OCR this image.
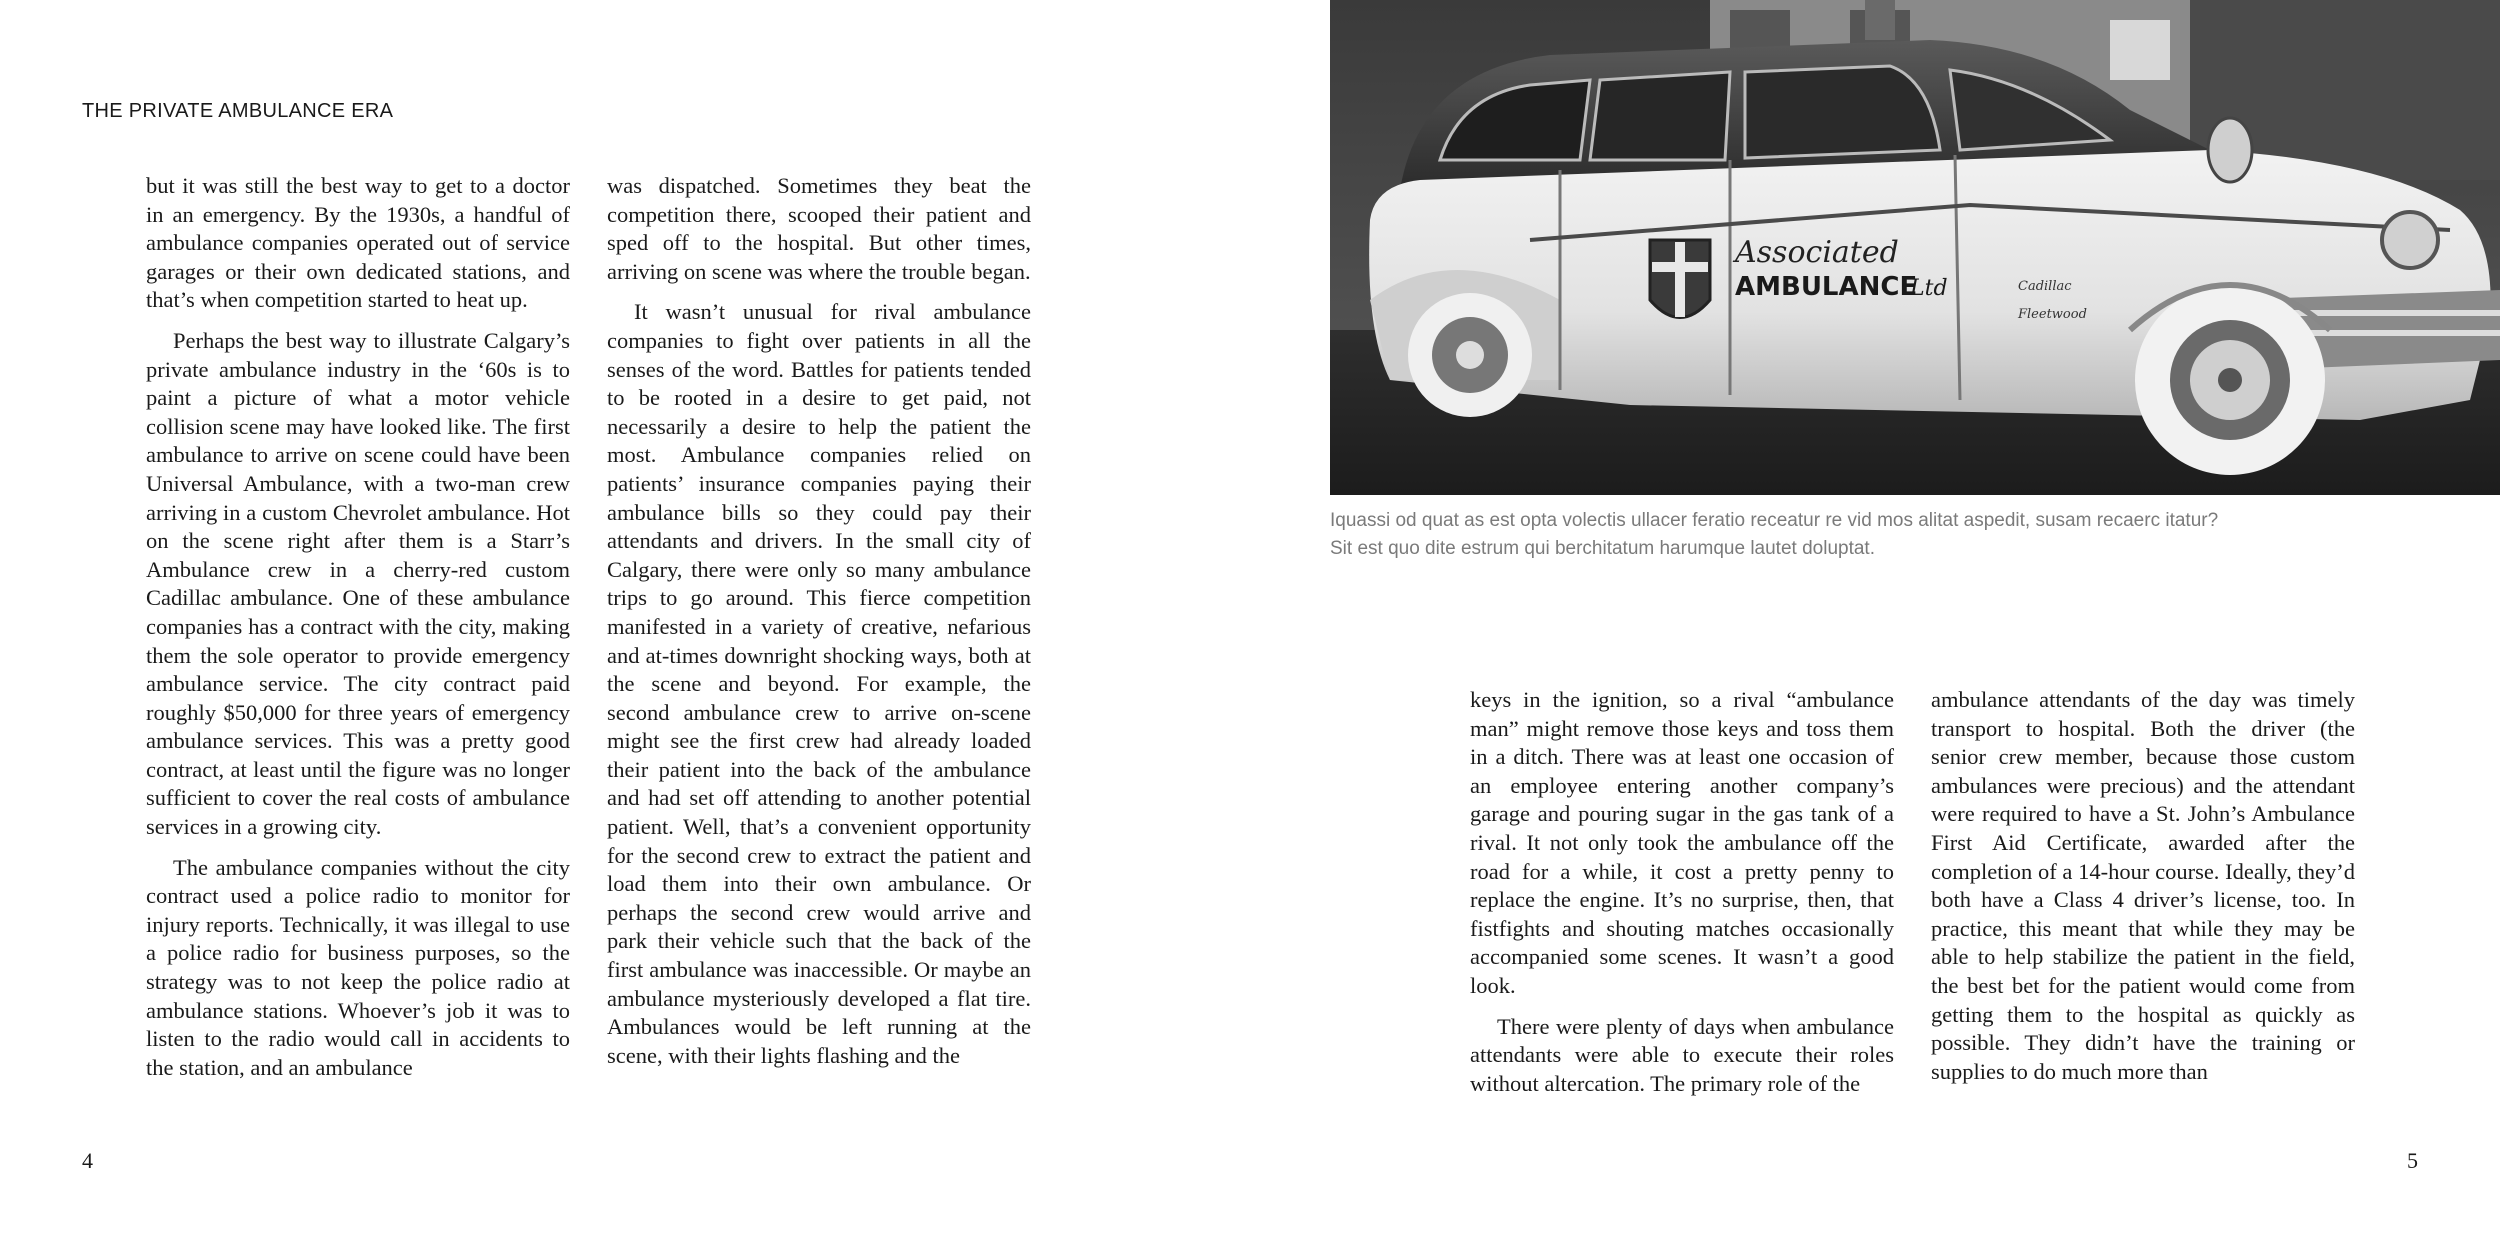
THE PRIVATE AMBULANCE ERA

but it was still the best way to get to a doctor in an emergency. By the 1930s, a handful of ambulance companies operated out of service garages or their own dedicated stations, and that’s when competition started to heat up.

Perhaps the best way to illustrate Calgary’s private ambulance industry in the ‘60s is to paint a picture of what a motor vehicle collision scene may have looked like. The first ambulance to arrive on scene could have been Universal Ambulance, with a two-man crew arriving in a custom Chevrolet ambulance. Hot on the scene right after them is a Starr’s Ambulance crew in a cherry-red custom Cadillac ambulance. One of these ambulance companies has a contract with the city, making them the sole operator to provide emergency ambulance service. The city contract paid roughly $50,000 for three years of emergency ambulance services. This was a pretty good contract, at least until the figure was no longer sufficient to cover the real costs of ambulance services in a growing city.

The ambulance companies without the city contract used a police radio to monitor for injury reports. Technically, it was illegal to use a police radio for business purposes, so the strategy was to not keep the police radio at ambulance stations. Whoever’s job it was to listen to the radio would call in accidents to the station, and an ambulance

was dispatched. Sometimes they beat the competition there, scooped their patient and sped off to the hospital. But other times, arriving on scene was where the trouble began.

It wasn’t unusual for rival ambulance companies to fight over patients in all the senses of the word. Battles for patients tended to be rooted in a desire to get paid, not necessarily a desire to help the patient the most. Ambulance companies relied on patients’ insurance companies paying their ambulance bills so they could pay their attendants and drivers. In the small city of Calgary, there were only so many ambulance trips to go around. This fierce competition manifested in a variety of creative, nefarious and at-times downright shocking ways, both at the scene and beyond. For example, the second ambulance crew to arrive on-scene might see the first crew had already loaded their patient into the back of the ambulance and had set off attending to another potential patient. Well, that’s a convenient opportunity for the second crew to extract the patient and load them into their own ambulance. Or perhaps the second crew would arrive and park their vehicle such that the back of the first ambulance was inaccessible. Or maybe an ambulance mysteriously developed a flat tire. Ambulances would be left running at the scene, with their lights flashing and the

4
Associated
AMBULANCE
Ltd	Cadillac
Fleetwood
Iquassi od quat as est opta volectis ullacer feratio receatur re vid mos alitat aspedit, susam recaerc itatur?
Sit est quo dite estrum qui berchitatum harumque lautet doluptat.

keys in the ignition, so a rival “ambulance man” might remove those keys and toss them in a ditch. There was at least one occasion of an employee entering another company’s garage and pouring sugar in the gas tank of a rival. It not only took the ambulance off the road for a while, it cost a pretty penny to replace the engine. It’s no surprise, then, that fistfights and shouting matches occasionally accompanied some scenes. It wasn’t a good look.

There were plenty of days when ambulance attendants were able to execute their roles without altercation. The primary role of the

ambulance attendants of the day was timely transport to hospital. Both the driver (the senior crew member, because those custom ambulances were precious) and the attendant were required to have a St. John’s Ambulance First Aid Certificate, awarded after the completion of a 14-hour course. Ideally, they’d both have a Class 4 driver’s license, too. In practice, this meant that while they may be able to help stabilize the patient in the field, the best bet for the patient would come from getting them to the hospital as quickly as possible. They didn’t have the training or supplies to do much more than

5
